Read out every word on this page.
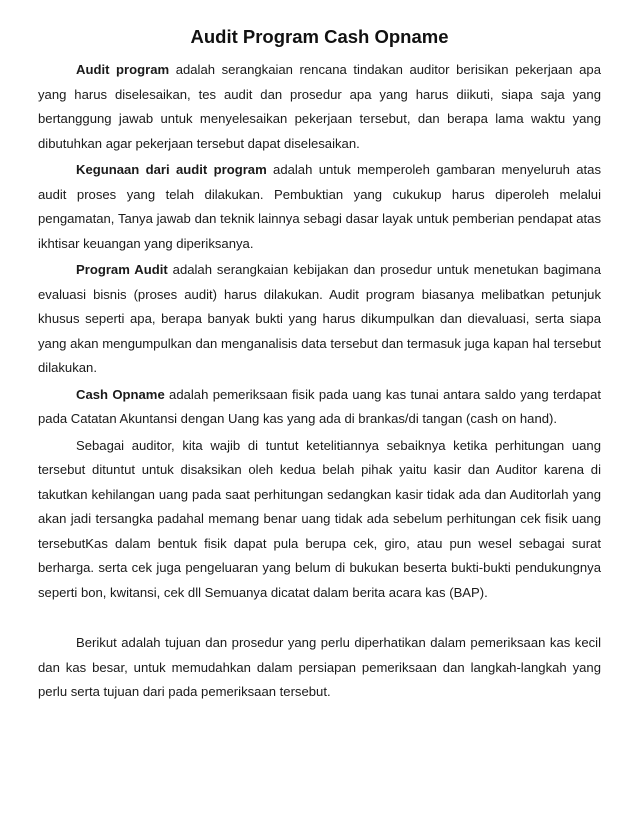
Audit Program Cash Opname

Audit program adalah serangkaian rencana tindakan auditor berisikan pekerjaan apa yang harus diselesaikan, tes audit dan prosedur apa yang harus diikuti, siapa saja yang bertanggung jawab untuk menyelesaikan pekerjaan tersebut, dan berapa lama waktu yang dibutuhkan agar pekerjaan tersebut dapat diselesaikan.

Kegunaan dari audit program adalah untuk memperoleh gambaran menyeluruh atas audit proses yang telah dilakukan. Pembuktian yang cukukup harus diperoleh melalui pengamatan, Tanya jawab dan teknik lainnya sebagi dasar layak untuk pemberian pendapat atas ikhtisar keuangan yang diperiksanya.

Program Audit adalah serangkaian kebijakan dan prosedur untuk menetukan bagimana evaluasi bisnis (proses audit) harus dilakukan. Audit program biasanya melibatkan petunjuk khusus seperti apa, berapa banyak bukti yang harus dikumpulkan dan dievaluasi, serta siapa yang akan mengumpulkan dan menganalisis data tersebut dan termasuk juga kapan hal tersebut dilakukan.

Cash Opname adalah pemeriksaan fisik pada uang kas tunai antara saldo yang terdapat pada Catatan Akuntansi dengan Uang kas yang ada di brankas/di tangan (cash on hand).

Sebagai auditor, kita wajib di tuntut ketelitiannya sebaiknya ketika perhitungan uang tersebut dituntut untuk disaksikan oleh kedua belah pihak yaitu kasir dan Auditor karena di takutkan kehilangan uang pada saat perhitungan sedangkan kasir tidak ada dan Auditorlah yang akan jadi tersangka padahal memang benar uang tidak ada sebelum perhitungan cek fisik uang tersebutKas dalam bentuk fisik dapat pula berupa cek, giro, atau pun wesel sebagai surat berharga. serta cek juga pengeluaran yang belum di bukukan beserta bukti-bukti pendukungnya seperti bon, kwitansi, cek dll Semuanya dicatat dalam berita acara kas (BAP).

Berikut adalah tujuan dan prosedur yang perlu diperhatikan dalam pemeriksaan kas kecil dan kas besar, untuk memudahkan dalam persiapan pemeriksaan dan langkah-langkah yang perlu serta tujuan dari pada pemeriksaan tersebut.
